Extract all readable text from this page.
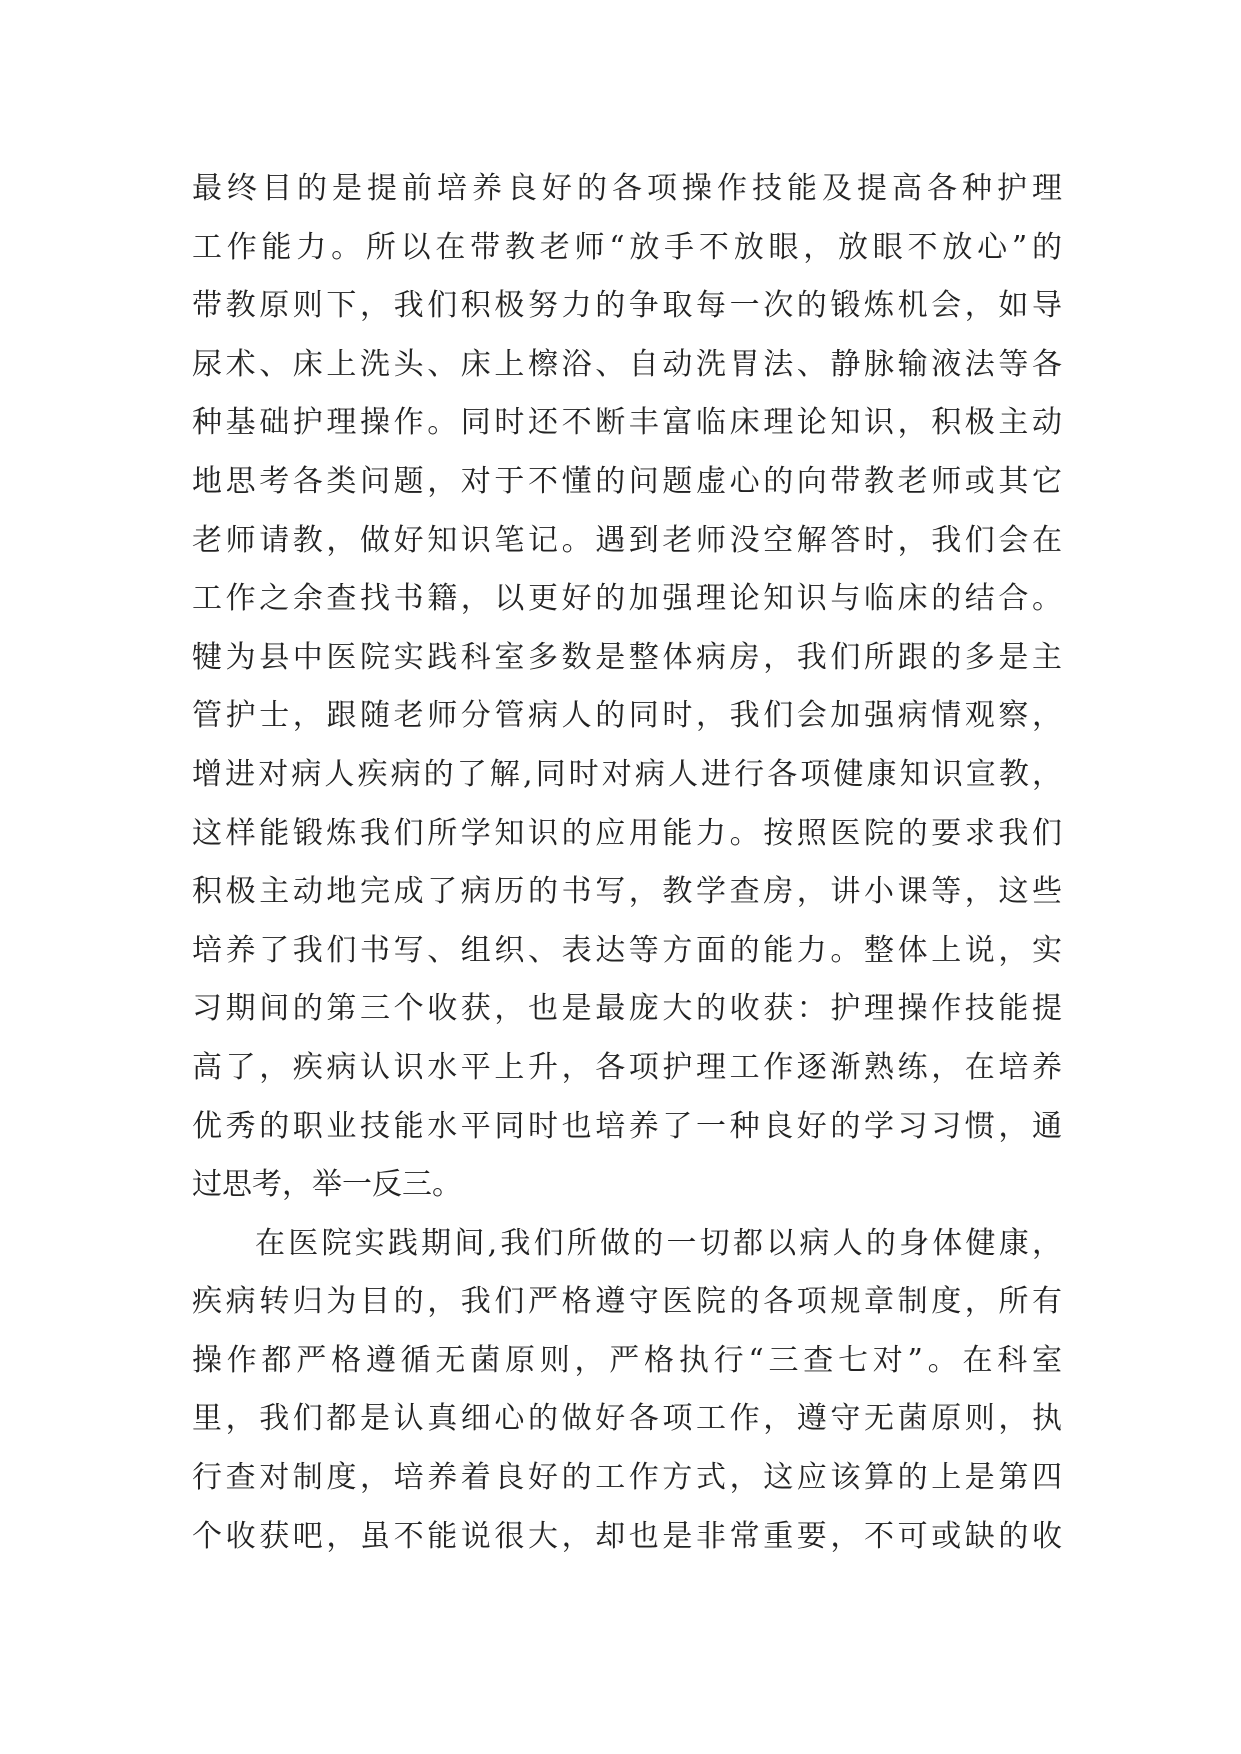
最终目的是提前培养良好的各项操作技能及提高各种护理
工作能力。所以在带教老师“放手不放眼，放眼不放心”的
带教原则下，我们积极努力的争取每一次的锻炼机会，如导
尿术、床上洗头、床上檫浴、自动洗胃法、静脉输液法等各
种基础护理操作。同时还不断丰富临床理论知识，积极主动
地思考各类问题，对于不懂的问题虚心的向带教老师或其它
老师请教，做好知识笔记。遇到老师没空解答时，我们会在
工作之余查找书籍，以更好的加强理论知识与临床的结合。
犍为县中医院实践科室多数是整体病房，我们所跟的多是主
管护士，跟随老师分管病人的同时，我们会加强病情观察，
增进对病人疾病的了解,同时对病人进行各项健康知识宣教，
这样能锻炼我们所学知识的应用能力。按照医院的要求我们
积极主动地完成了病历的书写，教学查房，讲小课等，这些
培养了我们书写、组织、表达等方面的能力。整体上说，实
习期间的第三个收获，也是最庞大的收获：护理操作技能提
高了，疾病认识水平上升，各项护理工作逐渐熟练，在培养
优秀的职业技能水平同时也培养了一种良好的学习习惯，通
过思考，举一反三。
在医院实践期间,我们所做的一切都以病人的身体健康，
疾病转归为目的，我们严格遵守医院的各项规章制度，所有
操作都严格遵循无菌原则，严格执行“三查七对”。在科室
里，我们都是认真细心的做好各项工作，遵守无菌原则，执
行查对制度，培养着良好的工作方式，这应该算的上是第四
个收获吧，虽不能说很大，却也是非常重要，不可或缺的收
